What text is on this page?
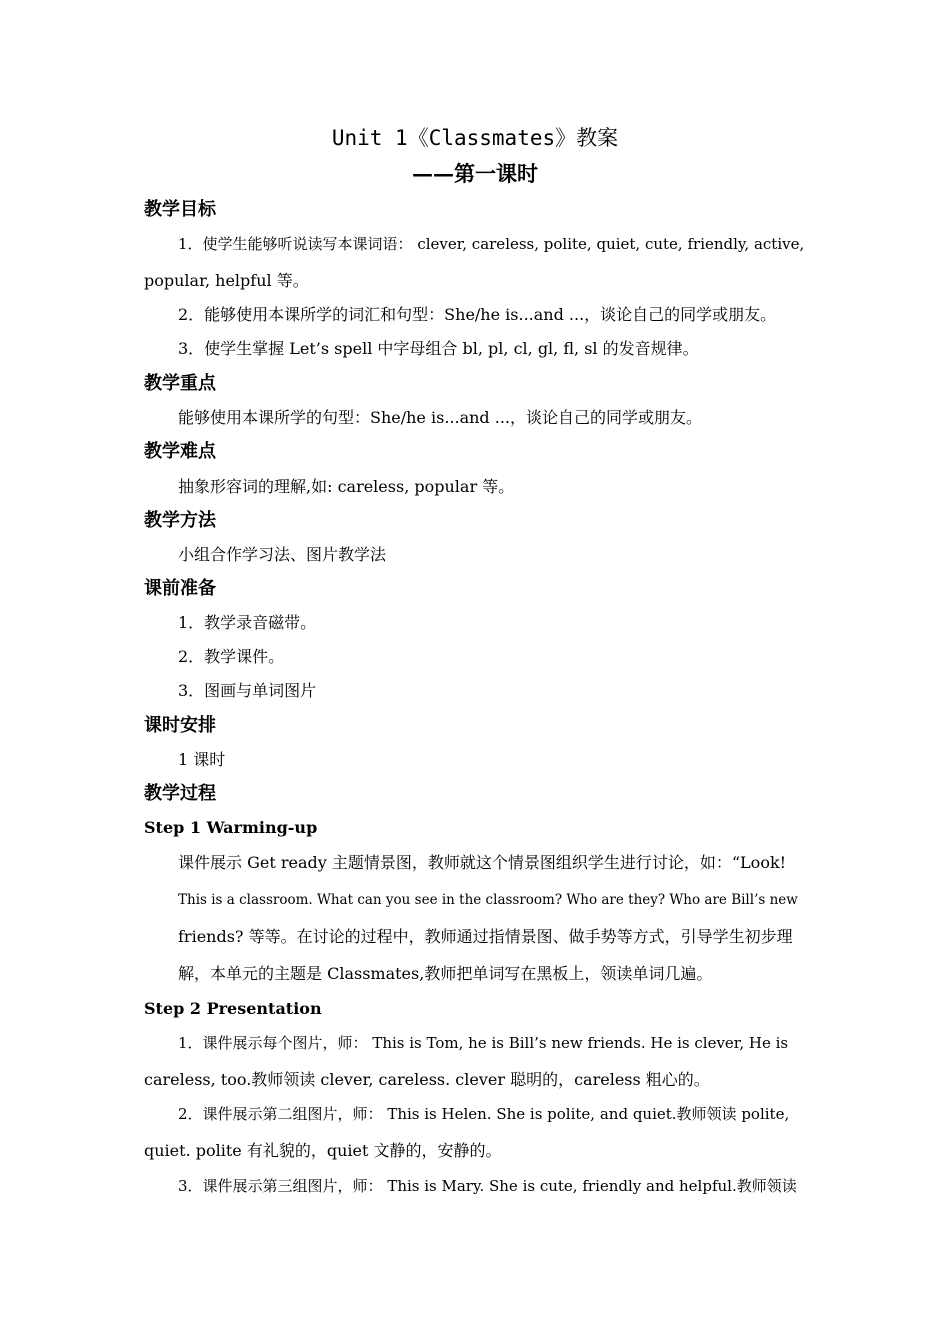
Unit 1《Classmates》教案
——第一课时
教学目标
1．使学生能够听说读写本课词语： clever, careless, polite, quiet, cute, friendly, active,
popular, helpful 等。
2．能够使用本课所学的词汇和句型：She/he is...and ...，谈论自己的同学或朋友。
3．使学生掌握 Let’s spell 中字母组合 bl, pl, cl, gl, fl, sl 的发音规律。
教学重点
能够使用本课所学的句型：She/he is...and ...，谈论自己的同学或朋友。
教学难点
抽象形容词的理解,如: careless, popular 等。
教学方法
小组合作学习法、图片教学法
课前准备
1．教学录音磁带。
2．教学课件。
3．图画与单词图片
课时安排
1 课时
教学过程
Step 1 Warming-up
课件展示 Get ready 主题情景图，教师就这个情景图组织学生进行讨论，如：“Look!
This is a classroom. What can you see in the classroom? Who are they? Who are Bill’s new
friends? 等等。在讨论的过程中，教师通过指情景图、做手势等方式，引导学生初步理
解，本单元的主题是 Classmates,教师把单词写在黑板上，领读单词几遍。
Step 2 Presentation
1．课件展示每个图片，师： This is Tom, he is Bill’s new friends. He is clever, He is
careless, too.教师领读 clever, careless. clever 聪明的，careless 粗心的。
2．课件展示第二组图片，师： This is Helen. She is polite, and quiet.教师领读 polite,
quiet. polite 有礼貌的，quiet 文静的，安静的。
3．课件展示第三组图片，师： This is Mary. She is cute, friendly and helpful.教师领读
